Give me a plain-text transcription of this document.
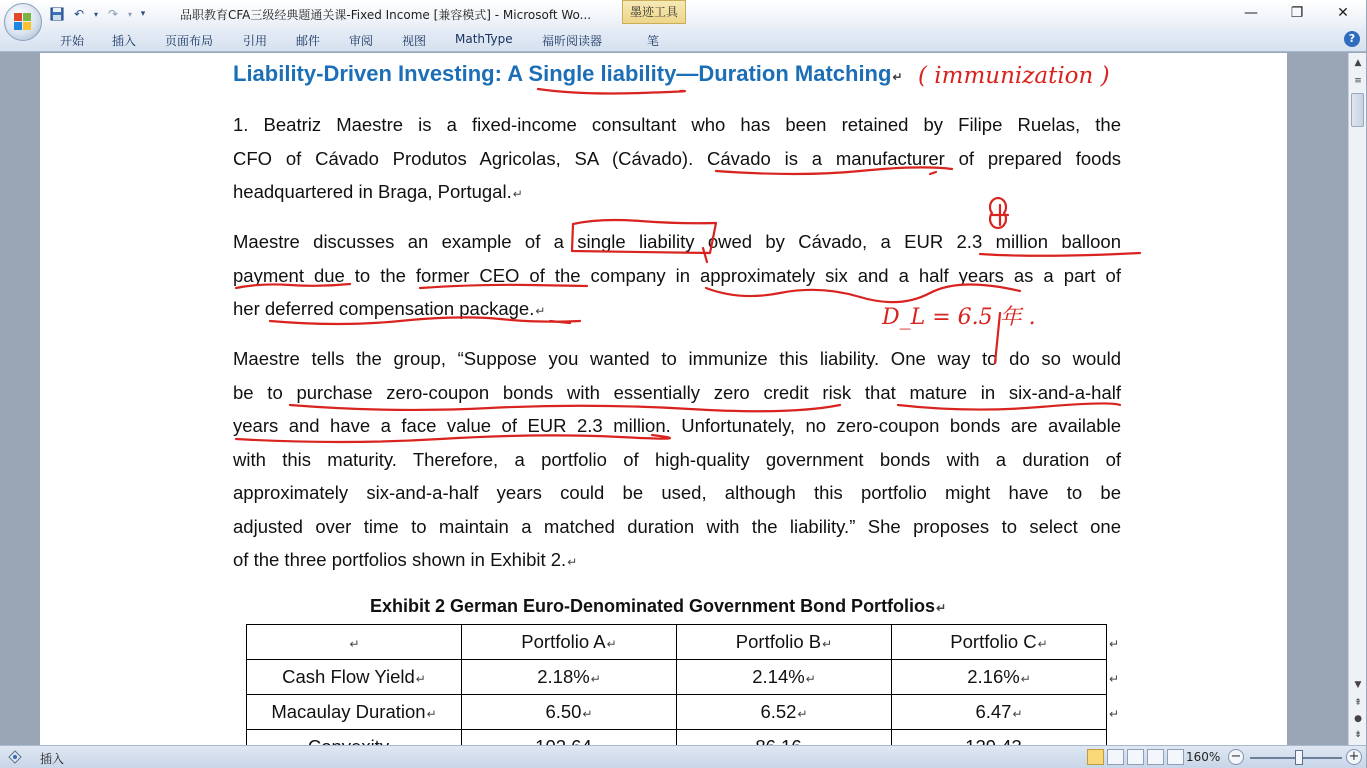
↶	▾ ↷	▾ ▾	品职教育CFA三级经典题通关课-Fixed Income [兼容模式] - Microsoft Wo...	墨迹工具	—	❐	✕
开始 插入 页面布局 引用 邮件 审阅 视图 MathType 福昕阅读器	笔	?
Liability-Driven Investing: A Single liability—Duration Matching↵
1. Beatriz Maestre is a fixed-income consultant who has been retained by Filipe Ruelas, the
CFO of Cávado Produtos Agricolas, SA (Cávado). Cávado is a manufacturer of prepared foods
headquartered in Braga, Portugal.↵
Maestre discusses an example of a single liability owed by Cávado, a EUR 2.3 million balloon
payment due to the former CEO of the company in approximately six and a half years as a part of
her deferred compensation package.↵
Maestre tells the group, “Suppose you wanted to immunize this liability. One way to do so would
be to purchase zero-coupon bonds with essentially zero credit risk that mature in six-and-a-half
years and have a face value of EUR 2.3 million. Unfortunately, no zero-coupon bonds are available
with this maturity. Therefore, a portfolio of high-quality government bonds with a duration of
approximately six-and-a-half years could be used, although this portfolio might have to be
adjusted over time to maintain a matched duration with the liability.” She proposes to select one
of the three portfolios shown in Exhibit 2.↵
Exhibit 2 German Euro-Denominated Government Bond Portfolios↵
↵	Portfolio A↵	Portfolio B↵	Portfolio C↵
Cash Flow Yield↵	2.18%↵	2.14%↵	2.16%↵
Macaulay Duration↵	6.50↵	6.52↵	6.47↵

↵
↵
↵
( immunization )
D_L = 6.5 年 .
▲
≡
▼
⇞
●
⇟
插入	160% −	+
